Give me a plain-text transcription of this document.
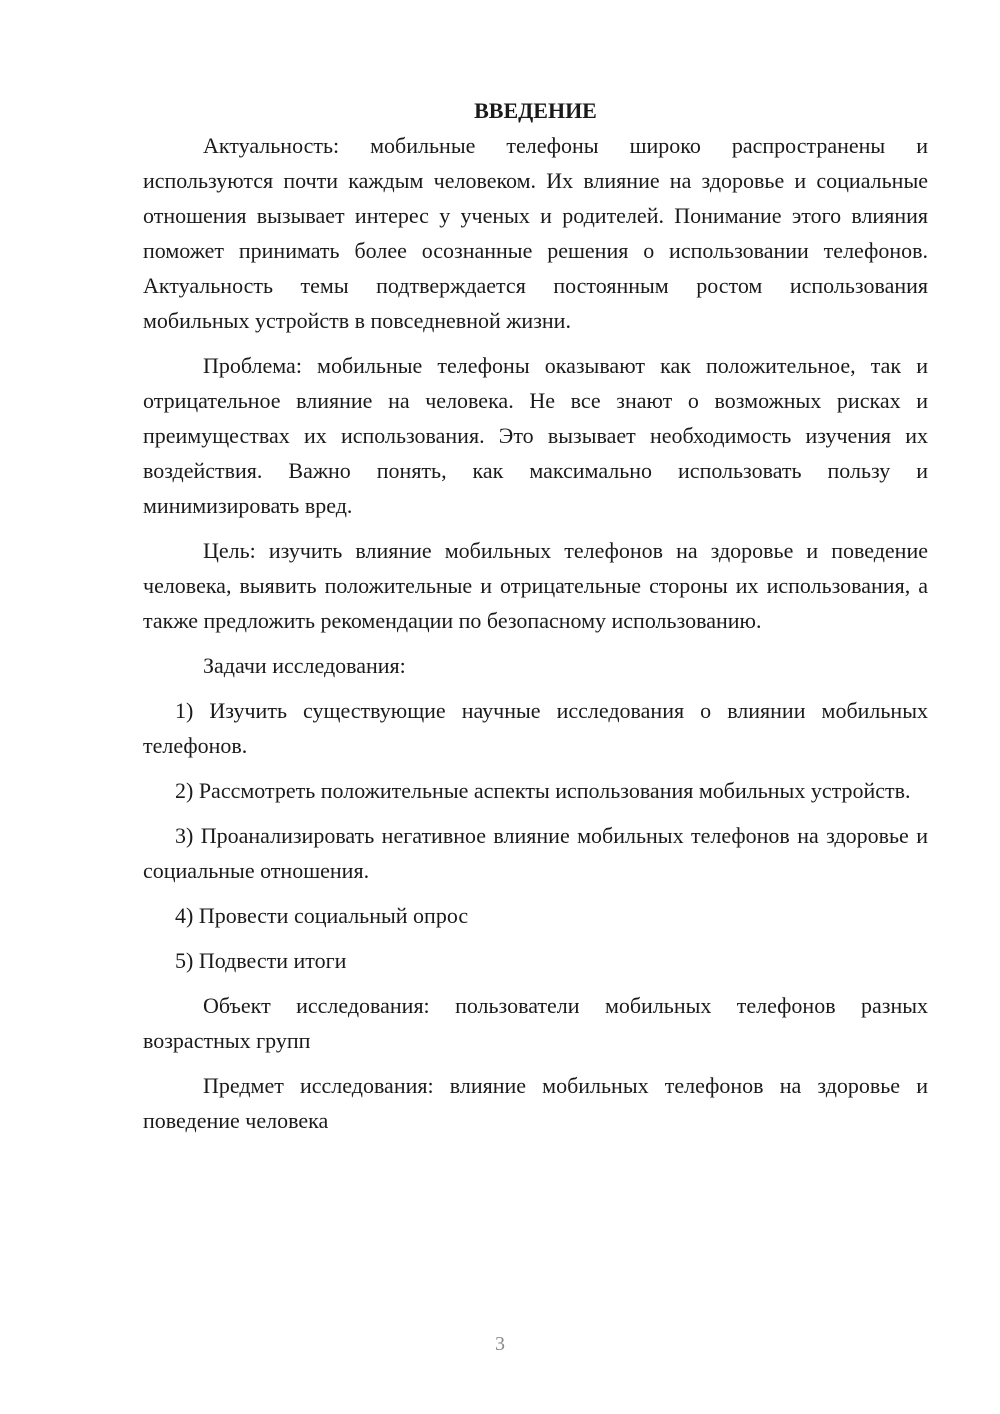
ВВЕДЕНИЕ

Актуальность: мобильные телефоны широко распространены и используются почти каждым человеком. Их влияние на здоровье и социальные отношения вызывает интерес у ученых и родителей. Понимание этого влияния поможет принимать более осознанные решения о использовании телефонов. Актуальность темы подтверждается постоянным ростом использования мобильных устройств в повседневной жизни.

Проблема: мобильные телефоны оказывают как положительное, так и отрицательное влияние на человека. Не все знают о возможных рисках и преимуществах их использования. Это вызывает необходимость изучения их воздействия. Важно понять, как максимально использовать пользу и минимизировать вред.

Цель: изучить влияние мобильных телефонов на здоровье и поведение человека, выявить положительные и отрицательные стороны их использования, а также предложить рекомендации по безопасному использованию.

Задачи исследования:

1) Изучить существующие научные исследования о влиянии мобильных телефонов.

2) Рассмотреть положительные аспекты использования мобильных устройств.

3) Проанализировать негативное влияние мобильных телефонов на здоровье и социальные отношения.

4) Провести социальный опрос

5) Подвести итоги

Объект исследования: пользователи мобильных телефонов разных возрастных групп

Предмет исследования: влияние мобильных телефонов на здоровье и поведение человека

3
